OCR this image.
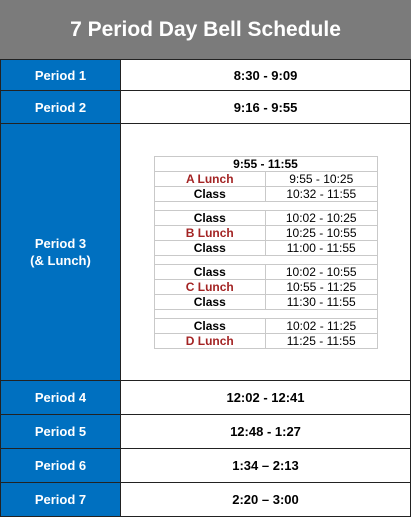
7 Period Day Bell Schedule
Period 1	8:30 - 9:09
Period 2	9:16 - 9:55

Period 3
(& Lunch)

9:55 - 11:55
A Lunch	9:55 - 10:25
Class	10:32 - 11:55

Class	10:02 - 10:25
B Lunch	10:25 - 10:55
Class	11:00 - 11:55

Class	10:02 - 10:55
C Lunch	10:55 - 11:25
Class	11:30 - 11:55

Class	10:02 - 11:25
D Lunch	11:25 - 11:55

Period 4	12:02 - 12:41
Period 5	12:48 - 1:27
Period 6	1:34 – 2:13
Period 7	2:20 – 3:00
